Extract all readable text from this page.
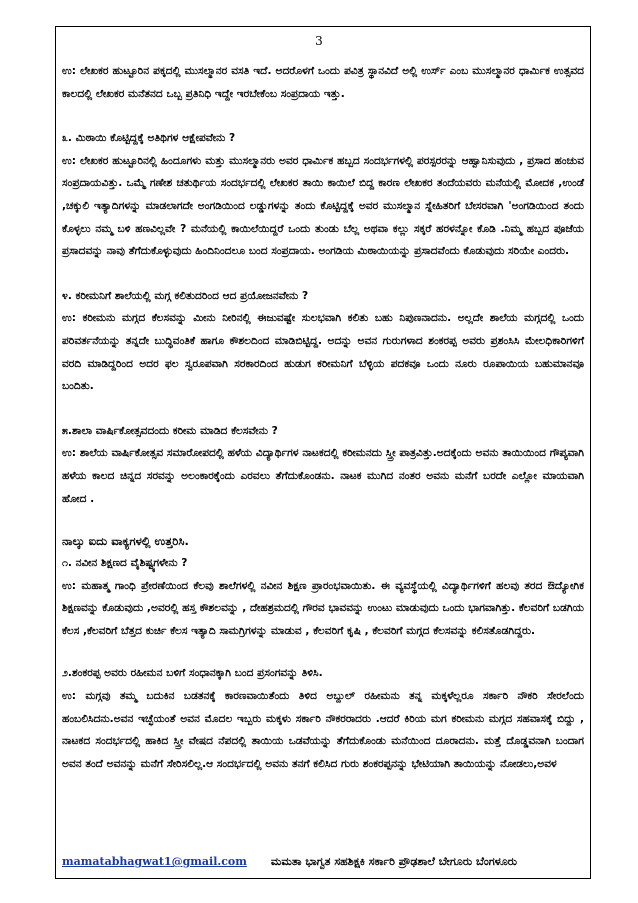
3

ಉ: ಲೇಖಕರ ಹುಟ್ಟೂರಿನ ಪಕ್ಕದಲ್ಲಿ ಮುಸಲ್ಮಾನರ ವಸತಿ ಇದೆ. ಅದರೊಳಗೆ ಒಂದು ಪವಿತ್ರ ಸ್ಥಾನವಿದೆ ಅಲ್ಲಿ ಉರ್ಸ್ ಎಂಬ ಮುಸಲ್ಮಾನರ ಧಾರ್ಮಿಕ ಉತ್ಸವದ ಕಾಲದಲ್ಲಿ ಲೇಖಕರ ಮನೆತನದ ಒಬ್ಬ ಪ್ರತಿನಿಧಿ ಇದ್ದೇ ಇರಬೇಕೆಂಬ ಸಂಪ್ರದಾಯ ಇತ್ತು.

೩. ಮಿಠಾಯಿ ಕೊಟ್ಟಿದ್ದಕ್ಕೆ ಅತಿಥಿಗಳ ಆಕ್ಷೇಪವೇನು ?

ಉ: ಲೇಖಕರ ಹುಟ್ಟೂರಿನಲ್ಲಿ ಹಿಂದೂಗಳು ಮತ್ತು ಮುಸಲ್ಮಾನರು ಅವರ ಧಾರ್ಮಿಕ ಹಬ್ಬದ ಸಂದರ್ಭಗಳಲ್ಲಿ ಪರಸ್ಪರರನ್ನು ಆಹ್ವಾನಿಸುವುದು , ಪ್ರಸಾದ ಹಂಚುವ ಸಂಪ್ರದಾಯವಿತ್ತು. ಒಮ್ಮೆ ಗಣೇಶ ಚತುರ್ಥಿಯ ಸಂದರ್ಭದಲ್ಲಿ ಲೇಖಕರ ತಾಯಿ ಕಾಯಿಲೆ ಬಿದ್ದ ಕಾರಣ ಲೇಖಕರ ತಂದೆಯವರು ಮನೆಯಲ್ಲಿ ಮೋದಕ ,ಉಂಡೆ ,ಚಕ್ಕುಲಿ ಇತ್ಯಾದಿಗಳನ್ನು ಮಾಡಲಾಗದೇ ಅಂಗಡಿಯಿಂದ ಲಡ್ಡುಗಳನ್ನು ತಂದು ಕೊಟ್ಟಿದ್ದಕ್ಕೆ ಅವರ ಮುಸಲ್ಮಾನ ಸ್ನೇಹಿತರಿಗೆ ಬೇಸರವಾಗಿ 'ಅಂಗಡಿಯಿಂದ ತಂದು ಕೊಳ್ಳಲು ನಮ್ಮ ಬಳಿ ಹಣವಿಲ್ಲವೇ ? ಮನೆಯಲ್ಲಿ ಕಾಯಿಲೆಯಿದ್ದರೆ ಒಂದು ತುಂಡು ಬೆಲ್ಲ ಅಥವಾ ಕಲ್ಲು ಸಕ್ಕರೆ ಹರಳನ್ನೋ ಕೊಡಿ .ನಿಮ್ಮ ಹಬ್ಬದ ಪೂಜೆಯ ಪ್ರಸಾದವನ್ನು ನಾವು ತೆಗೆದುಕೊಳ್ಳುವುದು ಹಿಂದಿನಿಂದಲೂ ಬಂದ ಸಂಪ್ರದಾಯ. ಅಂಗಡಿಯ ಮಿಠಾಯಿಯನ್ನು ಪ್ರಸಾದವೆಂದು ಕೊಡುವುದು ಸರಿಯೇ ಎಂದರು.

೪. ಕರೀಮನಿಗೆ ಶಾಲೆಯಲ್ಲಿ ಮಗ್ಗ ಕಲಿತುದರಿಂದ ಆದ ಪ್ರಯೋಜನವೇನು ?

ಉ: ಕರೀಮನು ಮಗ್ಗದ ಕೆಲಸವನ್ನು ಮೀನು ನೀರಿನಲ್ಲಿ ಈಜುವಷ್ಟೇ ಸುಲಭವಾಗಿ ಕಲಿತು ಬಹು ನಿಪುಣನಾದನು. ಅಲ್ಲದೇ ಶಾಲೆಯ ಮಗ್ಗದಲ್ಲಿ ಒಂದು ಪರಿವರ್ತನೆಯನ್ನು ತನ್ನದೇ ಬುದ್ಧಿವಂತಿಕೆ ಹಾಗೂ ಕೌಶಲದಿಂದ ಮಾಡಿಬಿಟ್ಟಿದ್ದ. ಅದನ್ನು ಅವನ ಗುರುಗಳಾದ ಶಂಕರಪ್ಪ ಅವರು ಪ್ರಶಂಸಿಸಿ ಮೇಲಧಿಕಾರಿಗಳಿಗೆ ವರದಿ ಮಾಡಿದ್ದರಿಂದ ಅದರ ಫಲ ಸ್ವರೂಪವಾಗಿ ಸರಕಾರದಿಂದ ಹುಡುಗ ಕರೀಮನಿಗೆ ಬೆಳ್ಳಿಯ ಪದಕವೂ ಒಂದು ನೂರು ರೂಪಾಯಿಯ ಬಹುಮಾನವೂ ಬಂದಿತು.

೫.ಶಾಲಾ ವಾರ್ಷಿಕೋತ್ಸವದಂದು ಕರೀಮ ಮಾಡಿದ ಕೆಲಸವೇನು ?

ಉ: ಶಾಲೆಯ ವಾರ್ಷಿಕೋತ್ಸವ ಸಮಾರೋಪದಲ್ಲಿ ಹಳೆಯ ವಿದ್ಯಾರ್ಥಿಗಳ ನಾಟಕದಲ್ಲಿ ಕರೀಮನದು ಸ್ತ್ರೀ ಪಾತ್ರವಿತ್ತು.ಅದಕ್ಕೆಂದು ಅವನು ತಾಯಿಯಿಂದ ಗೌಪ್ಯವಾಗಿ ಹಳೆಯ ಕಾಲದ ಚಿನ್ನದ ಸರವನ್ನು ಅಲಂಕಾರಕ್ಕೆಂದು ಎರವಲು ತೆಗೆದುಕೊಂಡನು. ನಾಟಕ ಮುಗಿದ ನಂತರ ಅವನು ಮನೆಗೆ ಬರದೇ ಎಲ್ಲೋ ಮಾಯವಾಗಿ ಹೋದ .

ನಾಲ್ಕು ಐದು ವಾಕ್ಯಗಳಲ್ಲಿ ಉತ್ತರಿಸಿ.

೧. ನವೀನ ಶಿಕ್ಷಣದ ವೈಶಿಷ್ಟ್ಯಗಳೇನು ?

ಉ: ಮಹಾತ್ಮ ಗಾಂಧಿ ಪ್ರೇರಣೆಯಿಂದ ಕೆಲವು ಶಾಲೆಗಳಲ್ಲಿ ನವೀನ ಶಿಕ್ಷಣ ಪ್ರಾರಂಭವಾಯಿತು. ಈ ವ್ಯವಸ್ಥೆಯಲ್ಲಿ ವಿದ್ಯಾರ್ಥಿಗಳಿಗೆ ಹಲವು ತರದ ಔದ್ಯೋಗಿಕ ಶಿಕ್ಷಣವನ್ನು ಕೊಡುವುದು ,ಅವರಲ್ಲಿ ಹಸ್ತ ಕೌಶಲವನ್ನು , ದೇಹಶ್ರಮದಲ್ಲಿ ಗೌರವ ಭಾವವನ್ನು ಉಂಟು ಮಾಡುವುದು ಒಂದು ಭಾಗವಾಗಿತ್ತು. ಕೆಲವರಿಗೆ ಬಡಗಿಯ ಕೆಲಸ ,ಕೆಲವರಿಗೆ ಬೆತ್ತದ ಕುರ್ಚಿ ಕೆಲಸ ಇತ್ಯಾದಿ ಸಾಮಗ್ರಿಗಳನ್ನು ಮಾಡುವ , ಕೆಲವರಿಗೆ ಕೃಷಿ , ಕೆಲವರಿಗೆ ಮಗ್ಗದ ಕೆಲಸವನ್ನು ಕಲಿಸತೊಡಗಿದ್ದರು.

೨.ಶಂಕರಪ್ಪ ಅವರು ರಹೀಮನ ಬಳಿಗೆ ಸಂಧಾನಕ್ಕಾಗಿ ಬಂದ ಪ್ರಸಂಗವನ್ನು ತಿಳಿಸಿ.

ಉ: ಮಗ್ಗವು ತಮ್ಮ ಬದುಕಿನ ಬಡತನಕ್ಕೆ ಕಾರಣವಾಯಿತೆಂದು ತಿಳಿದ ಅಬ್ದುಲ್ ರಹೀಮನು ತನ್ನ ಮಕ್ಕಳೆಲ್ಲರೂ ಸರ್ಕಾರಿ ನೌಕರಿ ಸೇರಲೆಂದು ಹಂಬಲಿಸಿದನು.ಅವನ ಇಚ್ಛೆಯಂತೆ ಅವನ ಮೊದಲ ಇಬ್ಬರು ಮಕ್ಕಳು ಸರ್ಕಾರಿ ನೌಕರರಾದರು .ಆದರೆ ಕಿರಿಯ ಮಗ ಕರೀಮನು ಮಗ್ಗದ ಸಹವಾಸಕ್ಕೆ ಬಿದ್ದು , ನಾಟಕದ ಸಂದರ್ಭದಲ್ಲಿ ಹಾಕಿದ ಸ್ತ್ರೀ ವೇಷದ ನೆಪದಲ್ಲಿ ತಾಯಿಯ ಒಡವೆಯನ್ನು ತೆಗೆದುಕೊಂಡು ಮನೆಯಿಂದ ದೂರಾದನು. ಮತ್ತೆ ದೊಡ್ಡವನಾಗಿ ಬಂದಾಗ ಅವನ ತಂದೆ ಅವನನ್ನು ಮನೆಗೆ ಸೇರಿಸಲಿಲ್ಲ.ಆ ಸಂದರ್ಭದಲ್ಲಿ ಅವನು ತನಗೆ ಕಲಿಸಿದ ಗುರು ಶಂಕರಪ್ಪನನ್ನು ಭೇಟಿಯಾಗಿ ತಾಯಿಯನ್ನು ನೋಡಲು,ಅವಳ

mamatabhagwat1@gmail.com ಮಮತಾ ಭಾಗ್ವತ ಸಹಶಿಕ್ಷಕಿ ಸರ್ಕಾರಿ ಪ್ರೌಢಶಾಲೆ ಬೇಗೂರು ಬೆಂಗಳೂರು
